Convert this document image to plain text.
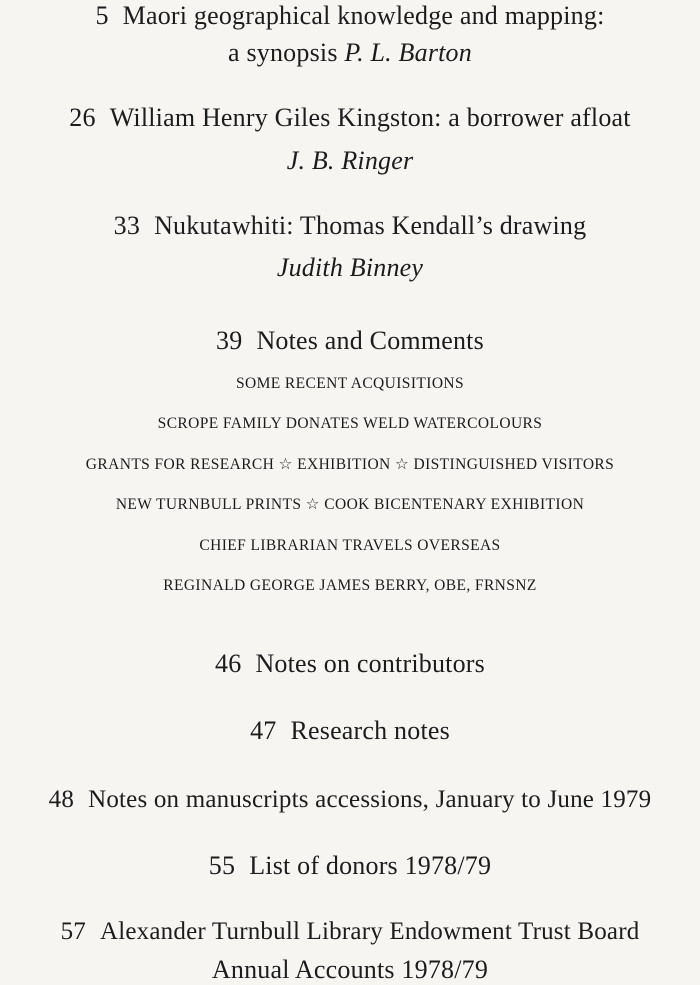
5 Maori geographical knowledge and mapping:
a synopsis P. L. Barton
26 William Henry Giles Kingston: a borrower afloat
J. B. Ringer
33 Nukutawhiti: Thomas Kendall’s drawing
Judith Binney
39 Notes and Comments
SOME RECENT ACQUISITIONS
SCROPE FAMILY DONATES WELD WATERCOLOURS
GRANTS FOR RESEARCH ☆ EXHIBITION ☆ DISTINGUISHED VISITORS
NEW TURNBULL PRINTS ☆ COOK BICENTENARY EXHIBITION
CHIEF LIBRARIAN TRAVELS OVERSEAS
REGINALD GEORGE JAMES BERRY, OBE, FRNSNZ
46 Notes on contributors
47 Research notes
48 Notes on manuscripts accessions, January to June 1979
55 List of donors 1978/79
57 Alexander Turnbull Library Endowment Trust Board
Annual Accounts 1978/79
